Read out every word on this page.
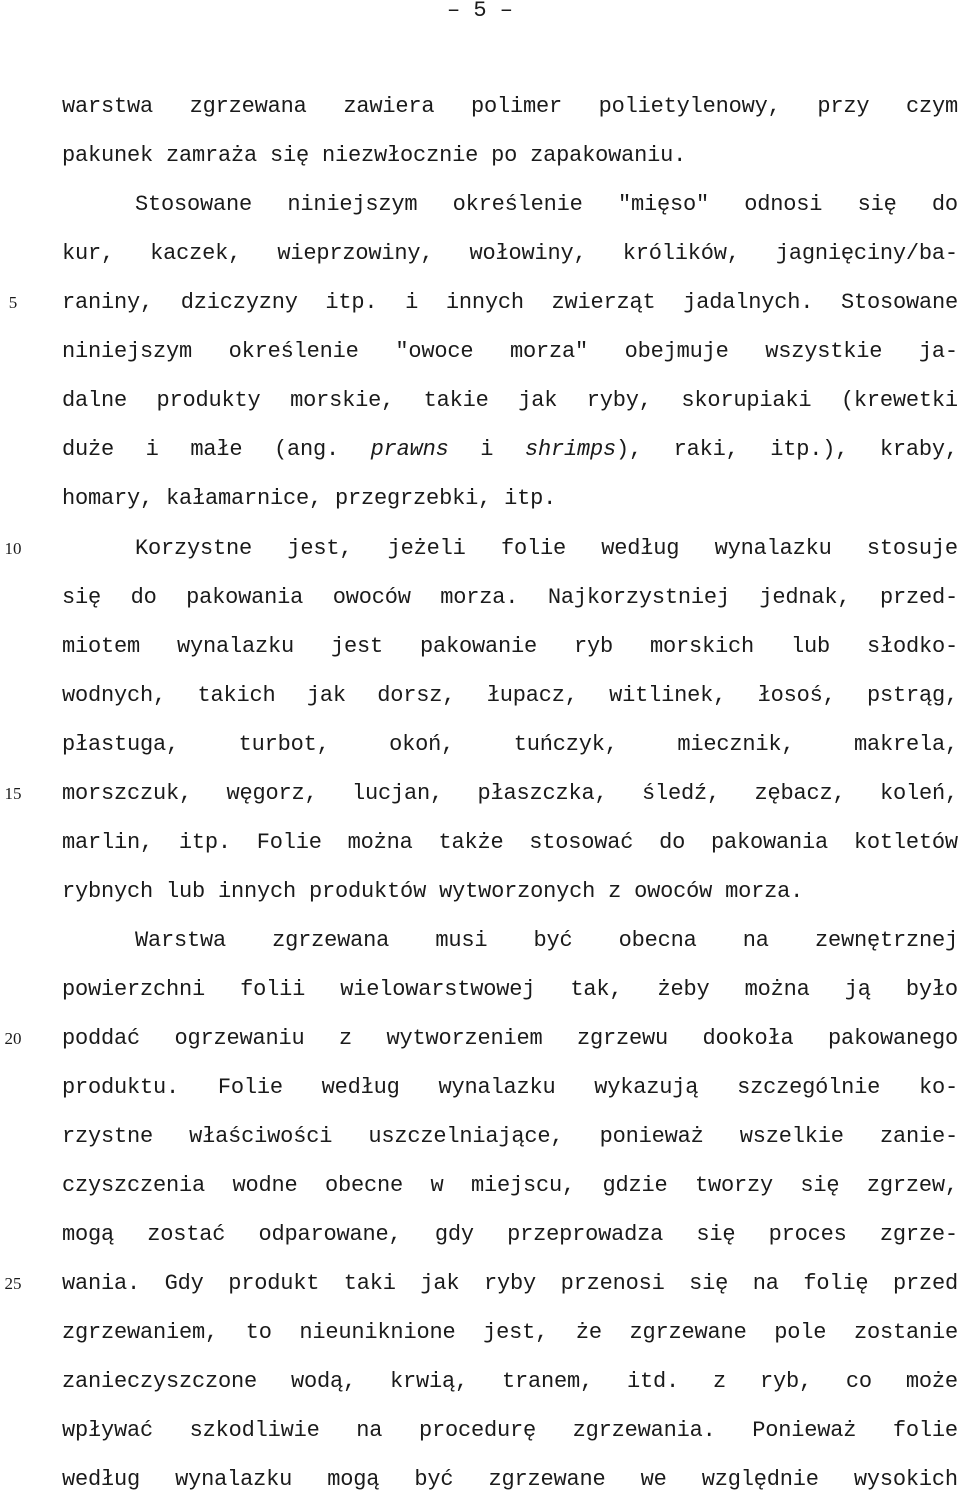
– 5 –
5
10
15
20
25
warstwa zgrzewana zawiera polimer polietylenowy, przy czym
pakunek zamraża się niezwłocznie po zapakowaniu.
Stosowane niniejszym określenie "mięso" odnosi się do
kur, kaczek, wieprzowiny, wołowiny, królików, jagnięciny/ba-
raniny, dziczyzny itp. i innych zwierząt jadalnych. Stosowane
niniejszym określenie "owoce morza" obejmuje wszystkie ja-
dalne produkty morskie, takie jak ryby, skorupiaki (krewetki
duże i małe (ang. prawns i shrimps), raki, itp.), kraby,
homary, kałamarnice, przegrzebki, itp.
Korzystne jest, jeżeli folie według wynalazku stosuje
się do pakowania owoców morza. Najkorzystniej jednak, przed-
miotem wynalazku jest pakowanie ryb morskich lub słodko-
wodnych, takich jak dorsz, łupacz, witlinek, łosoś, pstrąg,
płastuga,	turbot,	okoń,	tuńczyk,	miecznik,	makrela,
morszczuk, węgorz, lucjan, płaszczka, śledź, zębacz, koleń,
marlin, itp. Folie można także stosować do pakowania kotletów
rybnych lub innych produktów wytworzonych z owoców morza.
Warstwa zgrzewana musi być obecna na zewnętrznej
powierzchni folii wielowarstwowej tak, żeby można ją było
poddać ogrzewaniu z wytworzeniem zgrzewu dookoła pakowanego
produktu. Folie według wynalazku wykazują szczególnie ko-
rzystne właściwości uszczelniające, ponieważ wszelkie zanie-
czyszczenia wodne obecne w miejscu, gdzie tworzy się zgrzew,
mogą zostać odparowane, gdy przeprowadza się proces zgrze-
wania. Gdy produkt taki jak ryby przenosi się na folię przed
zgrzewaniem, to nieuniknione jest, że zgrzewane pole zostanie
zanieczyszczone wodą, krwią, tranem, itd. z ryb, co może
wpływać szkodliwie na procedurę zgrzewania. Ponieważ folie
według wynalazku mogą być zgrzewane we względnie wysokich
